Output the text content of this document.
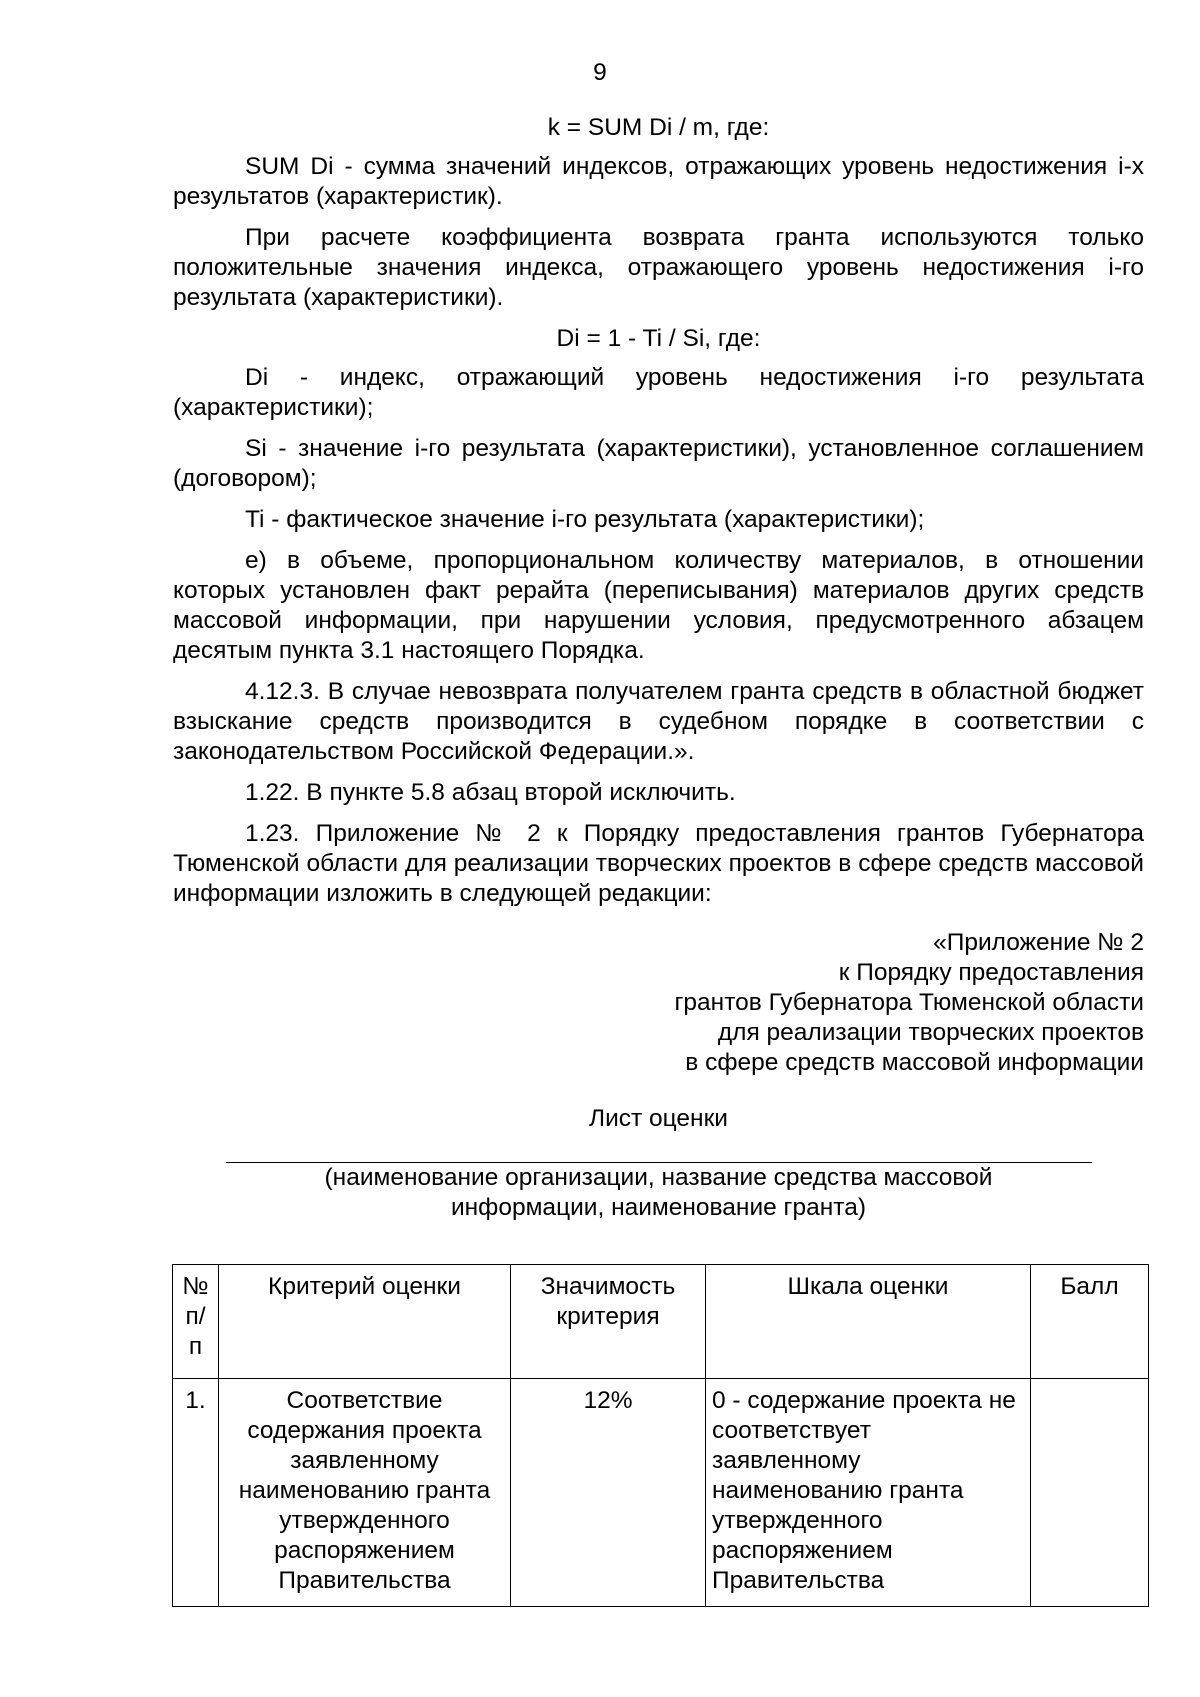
9
k = SUM Di / m, где:

SUM Di - сумма значений индексов, отражающих уровень недостижения i-х результатов (характеристик).

При расчете коэффициента возврата гранта используются только положительные значения индекса, отражающего уровень недостижения i-го результата (характеристики).

Di = 1 - Ti / Si, где:

Di - индекс, отражающий уровень недостижения i-го результата (характеристики);

Si - значение i-го результата (характеристики), установленное соглашением (договором);

Ti - фактическое значение i-го результата (характеристики);

е) в объеме, пропорциональном количеству материалов, в отношении которых установлен факт рерайта (переписывания) материалов других средств массовой информации, при нарушении условия, предусмотренного абзацем десятым пункта 3.1 настоящего Порядка.

4.12.3. В случае невозврата получателем гранта средств в областной бюджет взыскание средств производится в судебном порядке в соответствии с законодательством Российской Федерации.».

1.22. В пункте 5.8 абзац второй исключить.

1.23. Приложение № 2 к Порядку предоставления грантов Губернатора Тюменской области для реализации творческих проектов в сфере средств массовой информации изложить в следующей редакции:

«Приложение № 2
к Порядку предоставления
грантов Губернатора Тюменской области
для реализации творческих проектов
в сфере средств массовой информации
Лист оценки
(наименование организации, название средства массовой информации, наименование гранта)
№ п/п	Критерий оценки	Значимость критерия	Шкала оценки	Балл
1.	Соответствие содержания проекта заявленному наименованию гранта утвержденного распоряжением Правительства	12%	0 - содержание проекта не соответствует заявленному наименованию гранта утвержденного распоряжением Правительства	
